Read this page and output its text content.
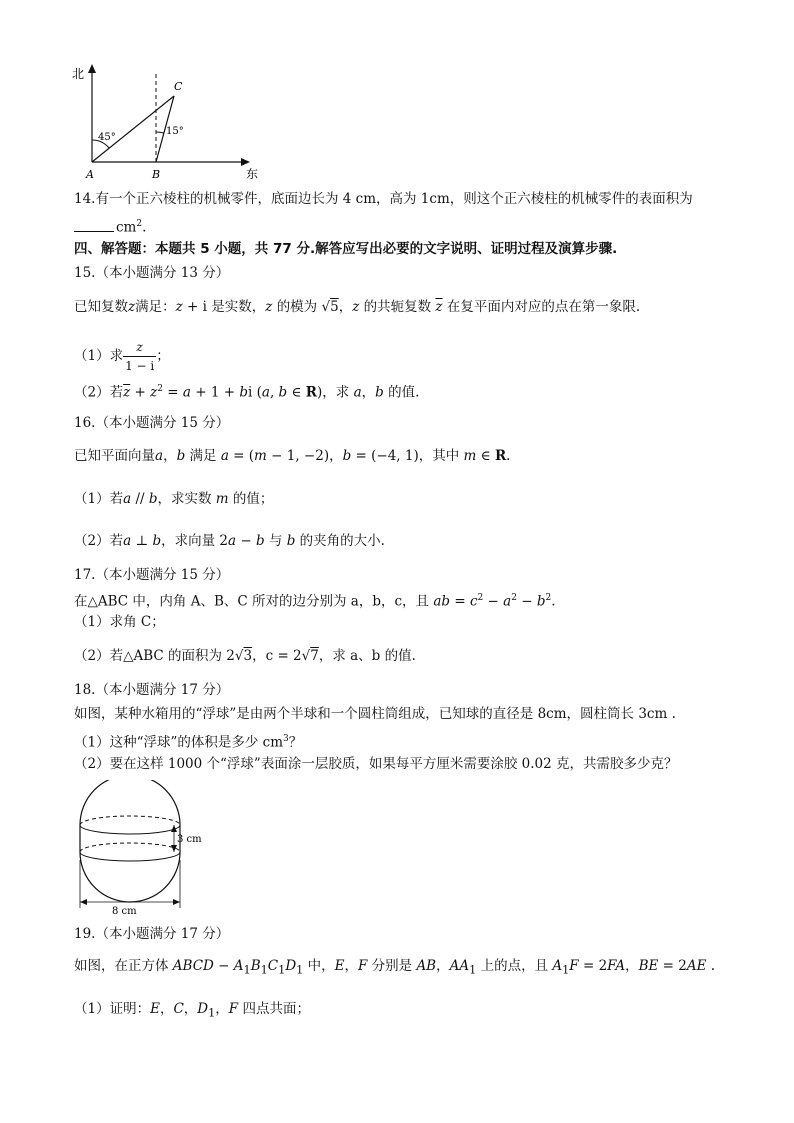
北
东
A	B
C
45°
15°
14.有一个正六棱柱的机械零件，底面边长为 4 cm，高为 1cm，则这个正六棱柱的机械零件的表面积为
$cm^2$.
四、解答题：本题共 5 小题，共 77 分.解答应写出必要的文字说明、证明过程及演算步骤.
15.（本小题满分 13 分）
已知复数z满足：z + i 是实数，z 的模为 √5，z 的共轭复数 $\overline{z}$ 在复平面内对应的点在第一象限.
（1）求 $\frac{z}{1 - i}$ ；
（2）若$\overline{z} + z^2 = a + 1$ + bi (a, b ∈ R)，求 a，b 的值.
16.（本小题满分 15 分）
已知平面向量a，b 满足 a = (m − 1, −2)，b = (−4, 1)，其中 m ∈ R.
（1）若a // b，求实数 m 的值；
（2）若a ⊥ b，求向量 2a − b 与 b 的夹角的大小.
17.（本小题满分 15 分）
在△ABC 中，内角 A、B、C 所对的边分别为 a，b，c，且 ab = $c^2 - a^2 - b^2$.
（1）求角 C；
（2）若△ABC 的面积为 2√3，c = 2√7，求 a、b 的值.
18.（本小题满分 17 分）
如图，某种水箱用的“浮球”是由两个半球和一个圆柱筒组成，已知球的直径是 8cm，圆柱筒长 3cm .
（1）这种“浮球”的体积是多少 $cm^3$？
（2）要在这样 1000 个“浮球”表面涂一层胶质，如果每平方厘米需要涂胶 0.02 克，共需胶多少克？
3 cm
8 cm
19.（本小题满分 17 分）
如图，在正方体 ABCD − $A_1B_1C_1D_1$ 中，E，F 分别是 AB，$AA_1$ 上的点，且 $A_1F = 2FA$，BE = 2AE .
（1）证明：E，C，$D_1$，F 四点共面；
